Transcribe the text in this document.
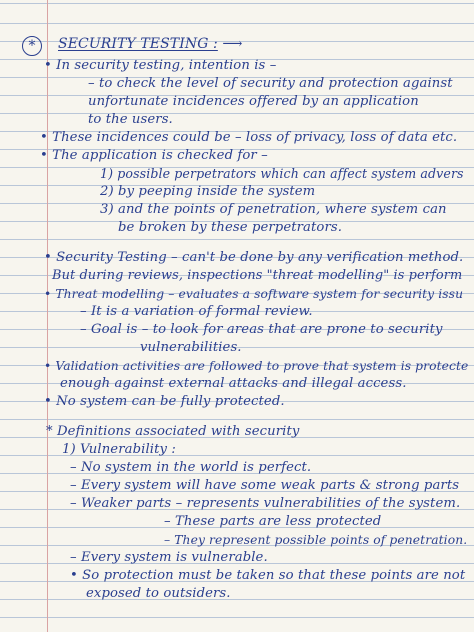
*	SECURITY TESTING : ⟶
• In security testing, intention is –
– to check the level of security and protection against
unfortunate incidences offered by an application
to the users.
• These incidences could be – loss of privacy, loss of data etc.
• The application is checked for –
1) possible perpetrators which can affect system advers
2) by peeping inside the system
3) and the points of penetration, where system can
be broken by these perpetrators.
• Security Testing – can't be done by any verification method.
But during reviews, inspections "threat modelling" is perform
• Threat modelling – evaluates a software system for security issu
– It is a variation of formal review.
– Goal is – to look for areas that are prone to security
vulnerabilities.
• Validation activities are followed to prove that system is protecte
enough against external attacks and illegal access.
• No system can be fully protected.
* Definitions associated with security
1) Vulnerability :
– No system in the world is perfect.
– Every system will have some weak parts & strong parts
– Weaker parts – represents vulnerabilities of the system.
– These parts are less protected
– They represent possible points of penetration.
– Every system is vulnerable.
• So protection must be taken so that these points are not
exposed to outsiders.
